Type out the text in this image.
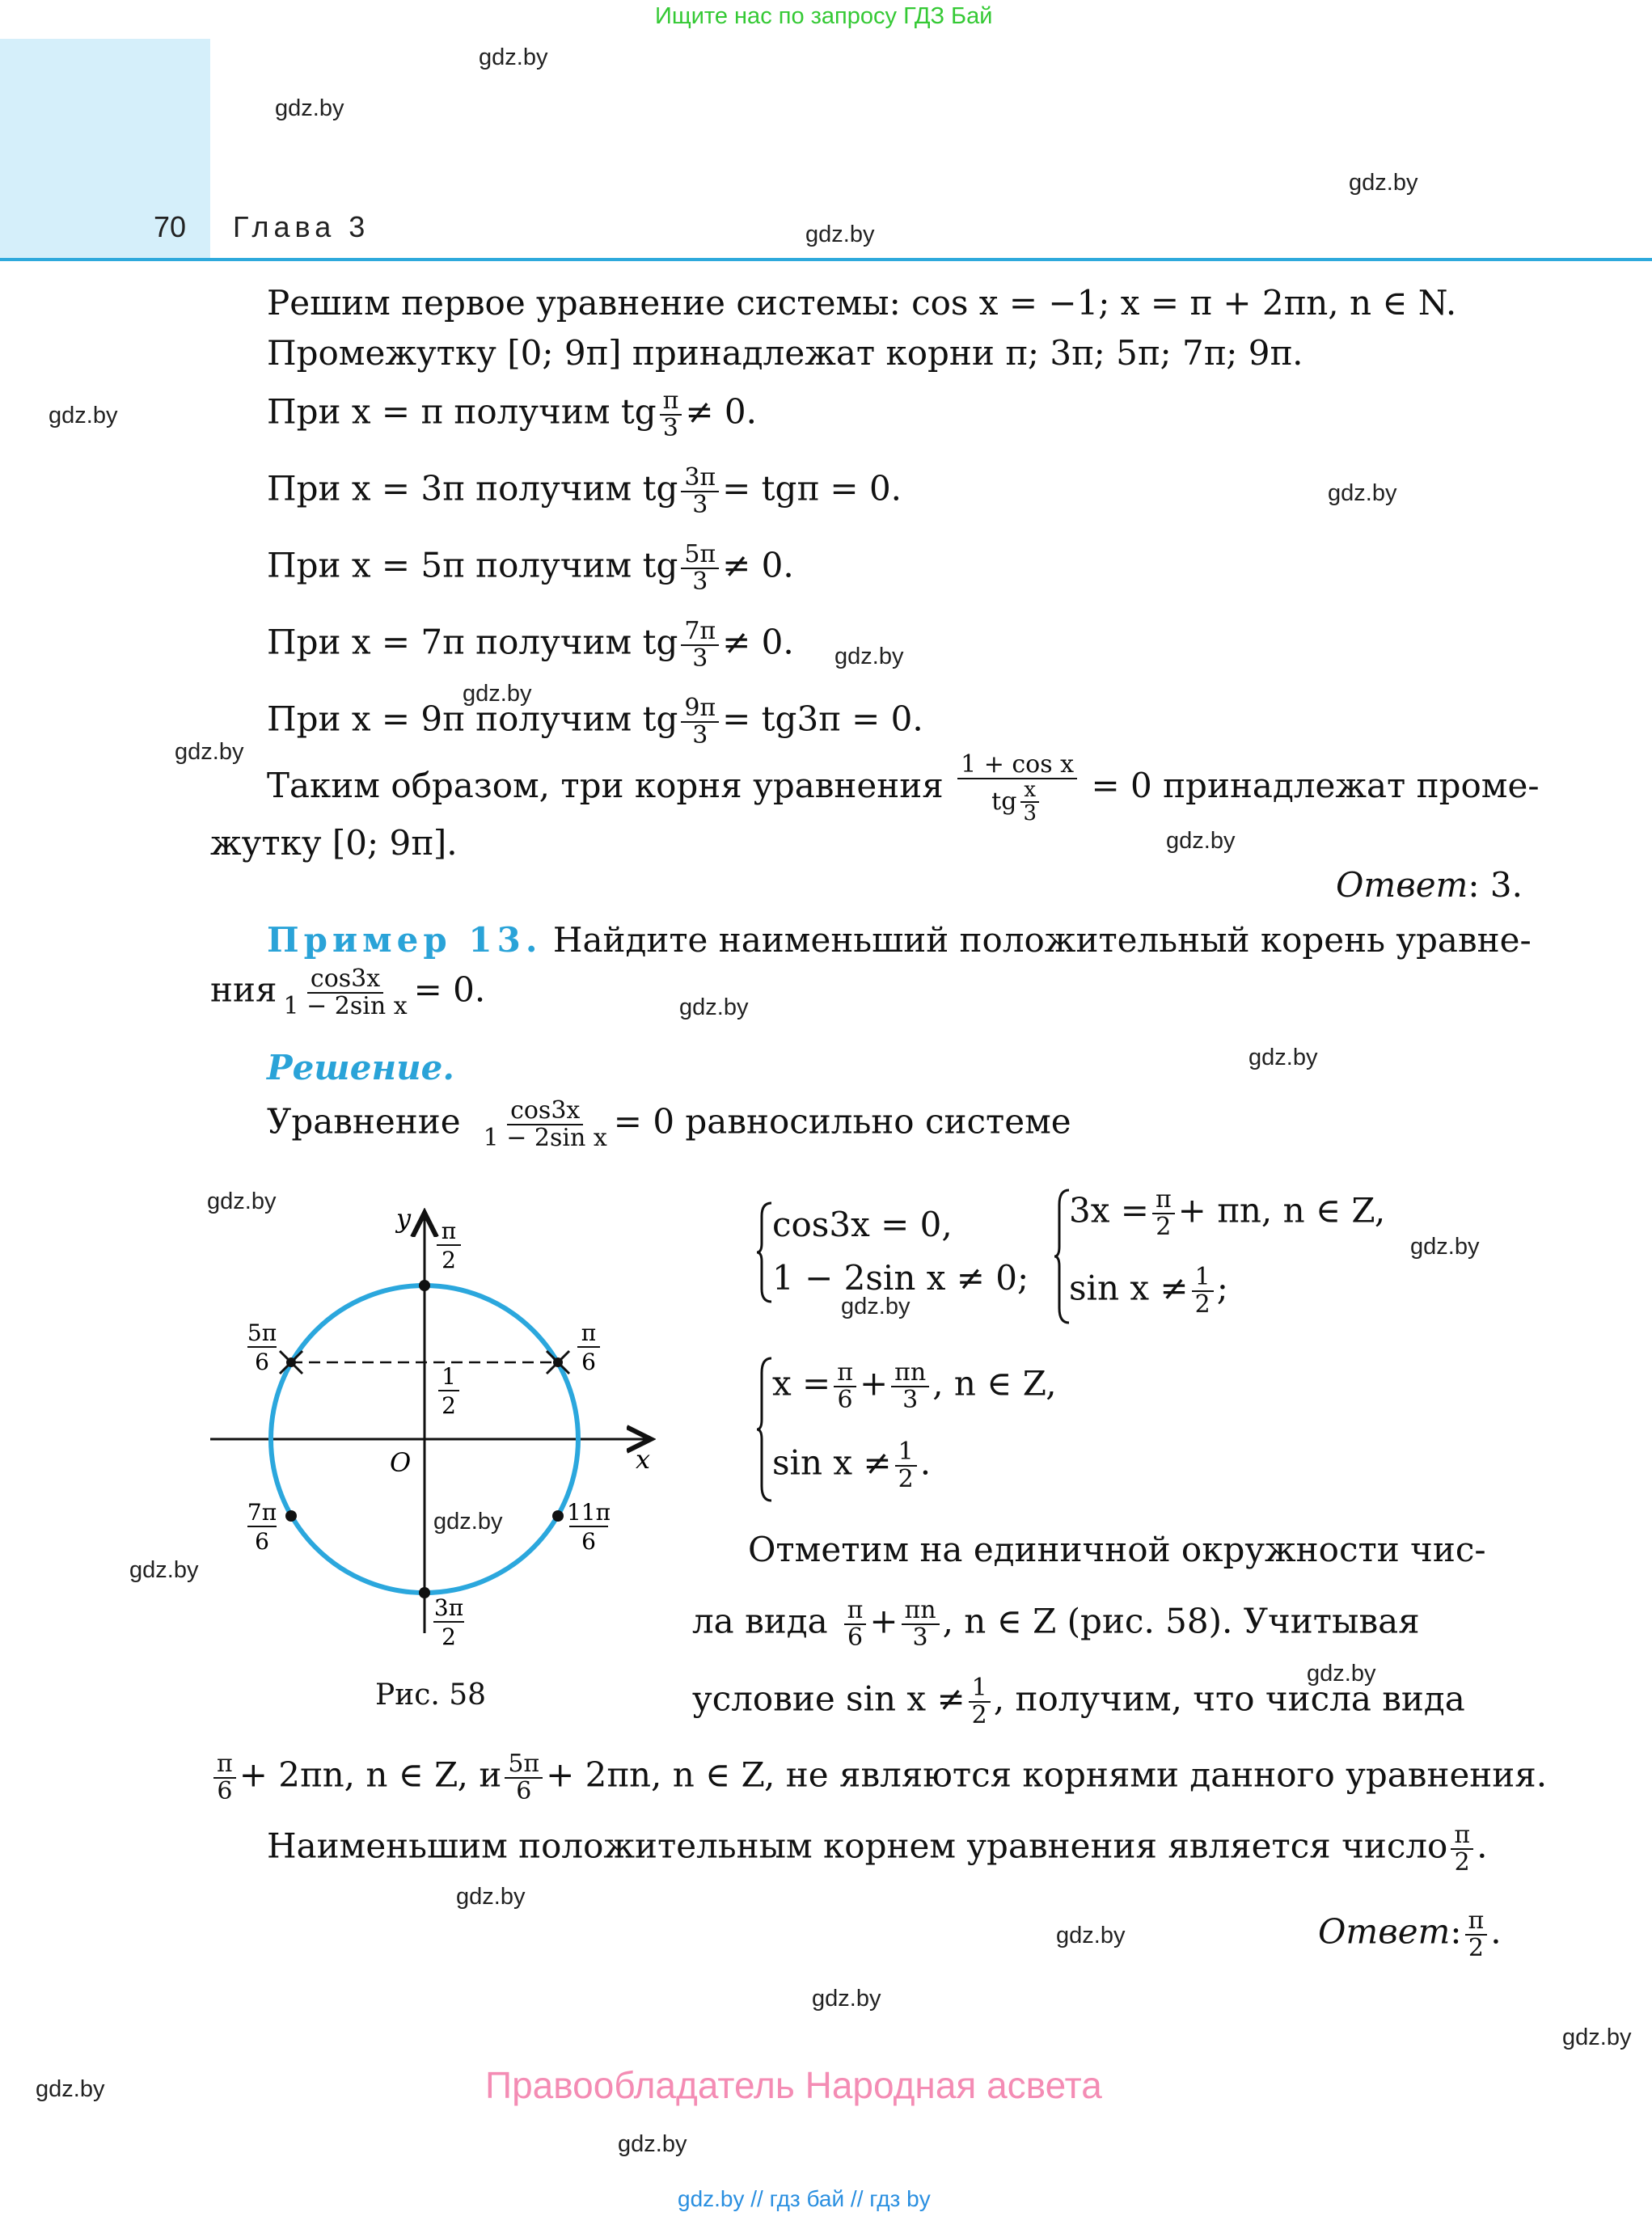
Ищите нас по запросу ГДЗ Бай
70 Глава 3
gdz.by
gdz.by
gdz.by
gdz.by
gdz.by
gdz.by
gdz.by
gdz.by
gdz.by
gdz.by
gdz.by
gdz.by
gdz.by
gdz.by
gdz.by
gdz.by
gdz.by
gdz.by
gdz.by
gdz.by
gdz.by
gdz.by
gdz.by
gdz.by
Решим первое уравнение системы: cos x = −1; x = π + 2πn, n ∈ N.
Промежутку [0; 9π] принадлежат корни π; 3π; 5π; 7π; 9π.
При x = π получим tg $\frac{\pi}{3} \ne 0$.
При x = 3π получим tg $\frac{3\pi}{3} = tg\pi = 0$.
При x = 5π получим tg $\frac{5\pi}{3} \ne 0$.
При x = 7π получим tg $\frac{7\pi}{3} \ne 0$.
При x = 9π получим tg $\frac{9\pi}{3} = tg3\pi = 0$.
Таким образом, три корня уравнения $\frac{\text{1 + cos x}}{tg \frac{x}{3}} = 0$ принадлежат проме-
жутку [0; 9π].
Ответ: 3.
Пример 13. Найдите наименьший положительный корень уравне-
ния $\frac{\cos 3x}{\text{1 − 2sin x}} = 0$.
Решение.
Уравнение $\frac{\cos 3x}{\text{1 − 2sin x}} = 0$ равносильно системе
cos3x = 0,
1 − 2sin x ≠ 0;
$3x = \frac{\pi}{2} + \pi n$, n ∈ Z,
$\sin x \ne \frac{1}{2}$ ;
$x = \frac{\pi}{6} + \frac{\pi n}{3}$ , n ∈ Z,
$\sin x \ne \frac{1}{2}$ .
Отметим на единичной окружности чис-
ла вида $\frac{\pi}{6} + \frac{\pi n}{3}$ , n ∈ Z (рис. 58). Учитывая
условие $\sin x \ne \frac{1}{2}$ , получим, что числа вида
$\frac{\pi}{6} + 2\pi n$, n ∈ Z, и $\frac{5\pi}{6} + 2\pi n$, n ∈ Z, не являются корнями данного уравнения.
Наименьшим положительным корнем уравнения является число $\frac{\pi}{2}$ .
Ответ: $\frac{\pi}{2}$ .
y
x
O
π
2
5π
6
π
6
1
2
7π
6
11π
6
3π
2
Рис. 58
Правообладатель Народная асвета
gdz.by // гдз бай // гдз by
